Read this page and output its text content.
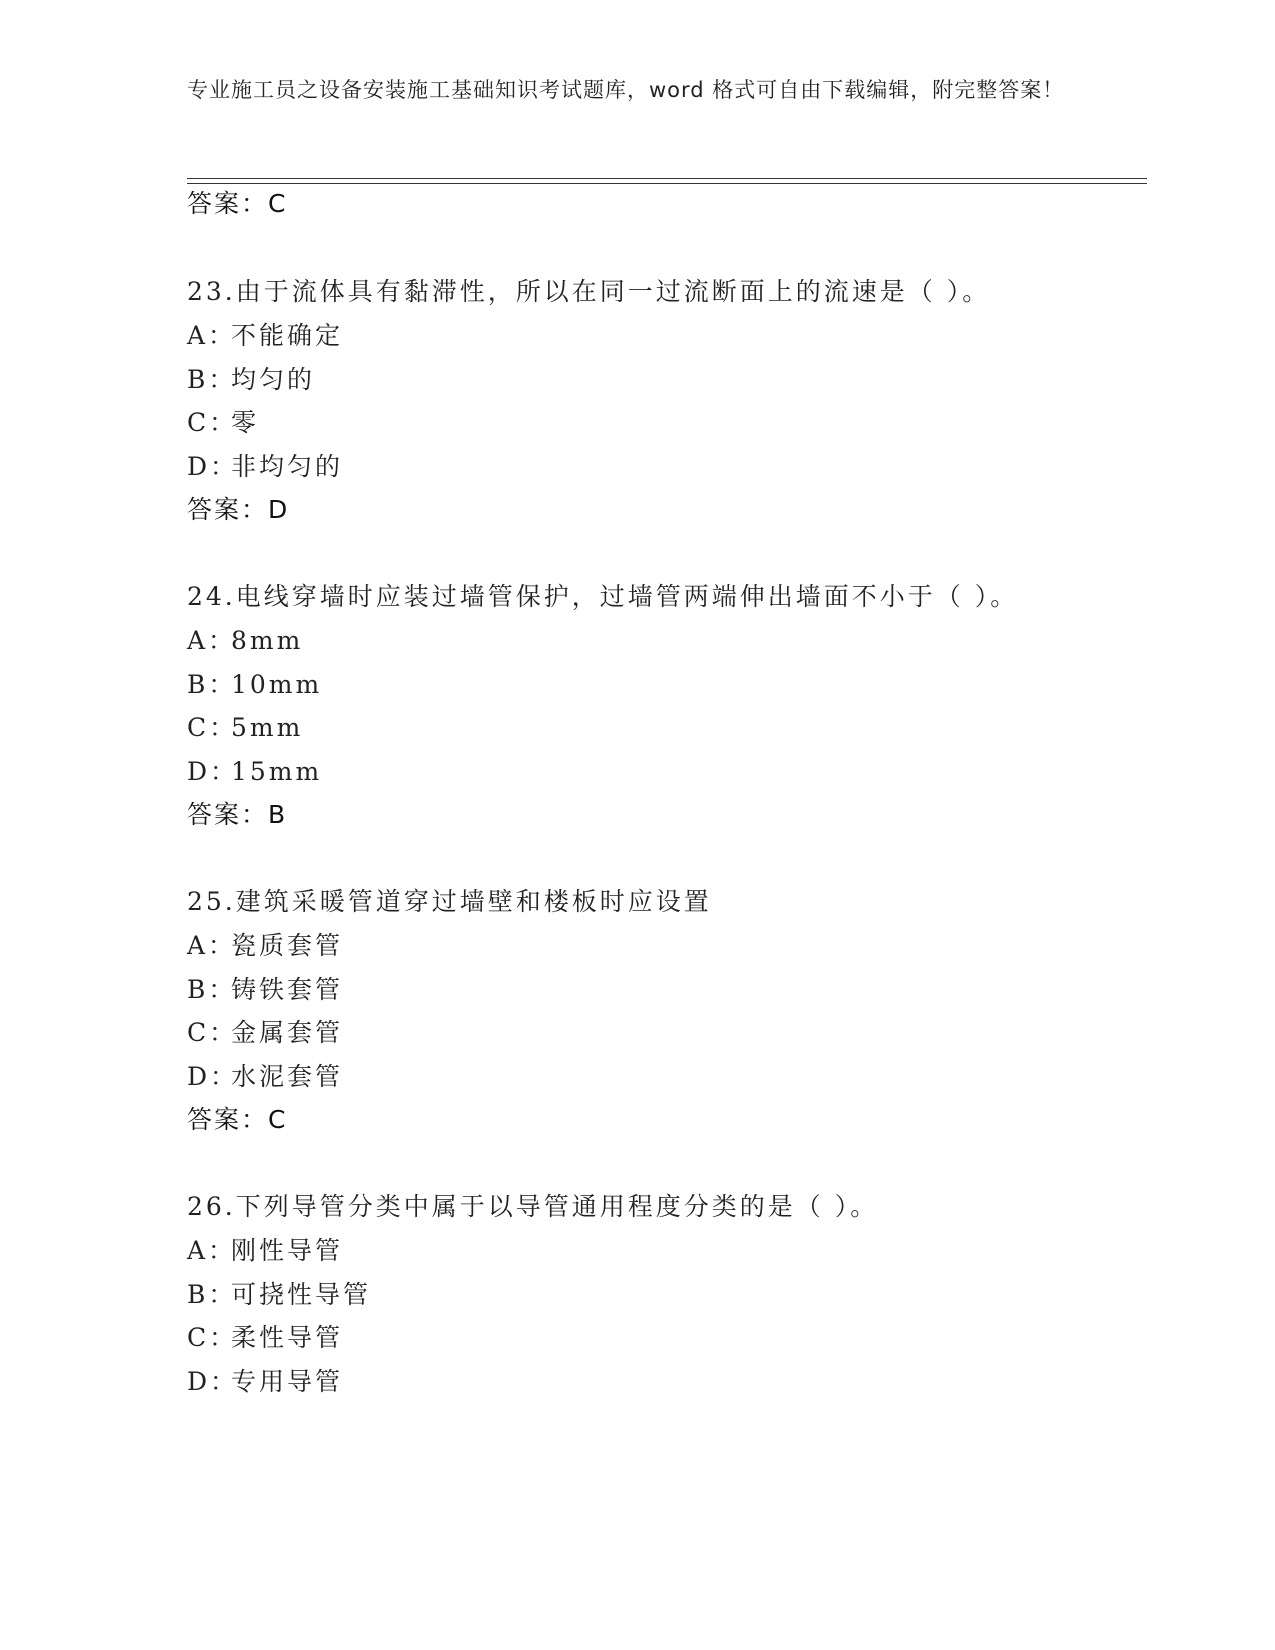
专业施工员之设备安装施工基础知识考试题库，word 格式可自由下载编辑，附完整答案！
答案：C
23.由于流体具有黏滞性，所以在同一过流断面上的流速是（ ）。
A：不能确定
B：均匀的
C：零
D：非均匀的
答案：D
24.电线穿墙时应装过墙管保护，过墙管两端伸出墙面不小于（ ）。
A：8mm
B：10mm
C：5mm
D：15mm
答案：B
25.建筑采暖管道穿过墙壁和楼板时应设置
A：瓷质套管
B：铸铁套管
C：金属套管
D：水泥套管
答案：C
26.下列导管分类中属于以导管通用程度分类的是（ ）。
A：刚性导管
B：可挠性导管
C：柔性导管
D：专用导管
